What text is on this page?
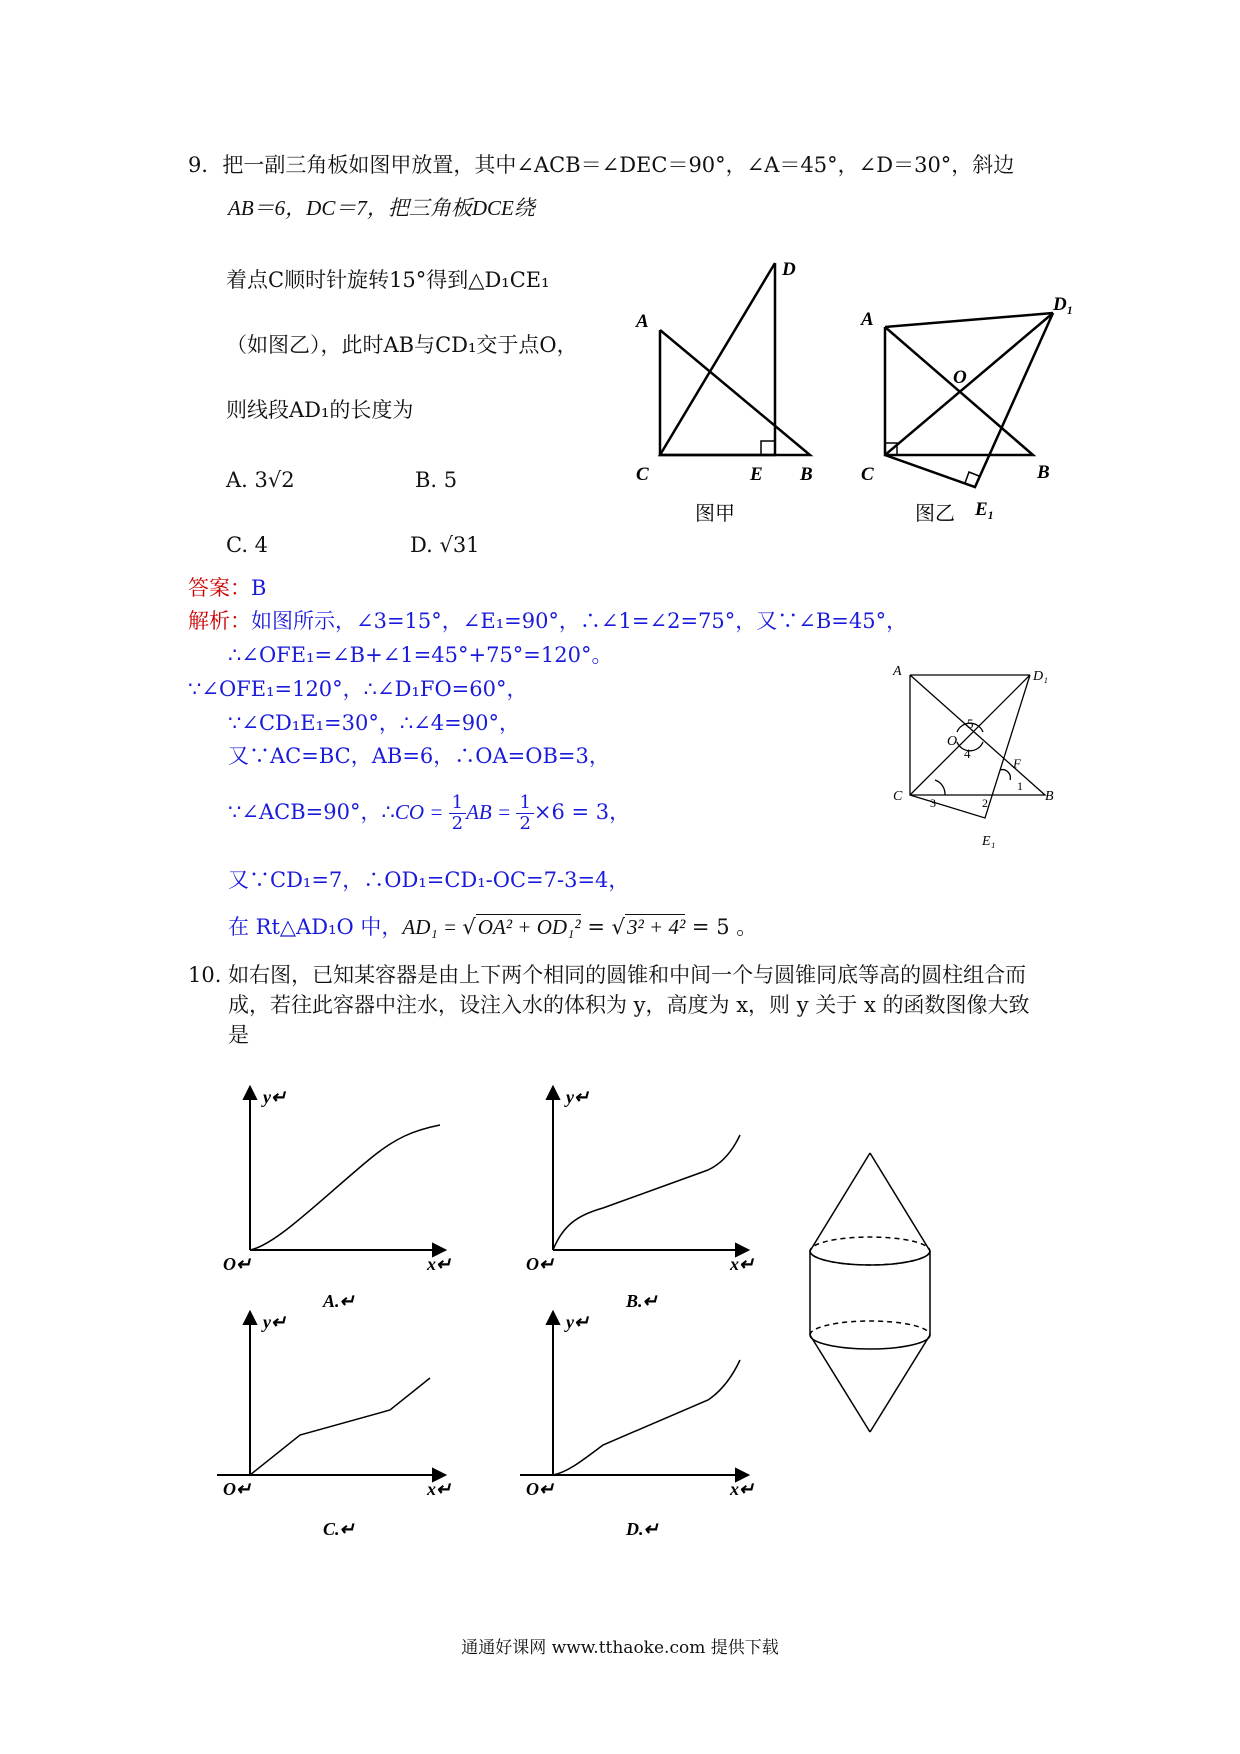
9．把一副三角板如图甲放置，其中∠ACB＝∠DEC＝90°，∠A＝45°，∠D＝30°，斜边
AB＝6，DC＝7，把三角板DCE绕
着点C顺时针旋转15°得到△D₁CE₁
（如图乙），此时AB与CD₁交于点O，
则线段AD₁的长度为
A. 3√2	B. 5
C. 4	D. √31
A
D
C	E B
图甲
A
D₁
O
C	B
E₁
图乙
答案：B
解析：如图所示，∠3=15°，∠E₁=90°，∴∠1=∠2=75°，又∵∠B=45°，
∴∠OFE₁=∠B+∠1=45°+75°=120°。
∵∠OFE₁=120°，∴∠D₁FO=60°，
∵∠CD₁E₁=30°，∴∠4=90°，
又∵AC=BC，AB=6，∴OA=OB=3，
∵∠ACB=90°，∴CO = $\frac{1}{2}$ AB = $\frac{1}{2} \times 6 = 3$，
又∵CD₁=7，∴OD₁=CD₁-OC=7-3=4，
在 Rt△AD₁O 中，AD₁ = √OA² + OD₁² = √3² + 4² = 5 。
A	D₁
5
O
4
F
1
C 3	2	B
E₁
10. 如右图，已知某容器是由上下两个相同的圆锥和中间一个与圆锥同底等高的圆柱组合而
成，若往此容器中注水，设注入水的体积为 y，高度为 x，则 y 关于 x 的函数图像大致
是
y↵
O↵	x↵
A.↵
y↵
O↵	x↵
B.↵
y↵
O↵	x↵
C.↵
y↵
O↵	x↵
D.↵
通通好课网 www.tthaoke.com 提供下载
